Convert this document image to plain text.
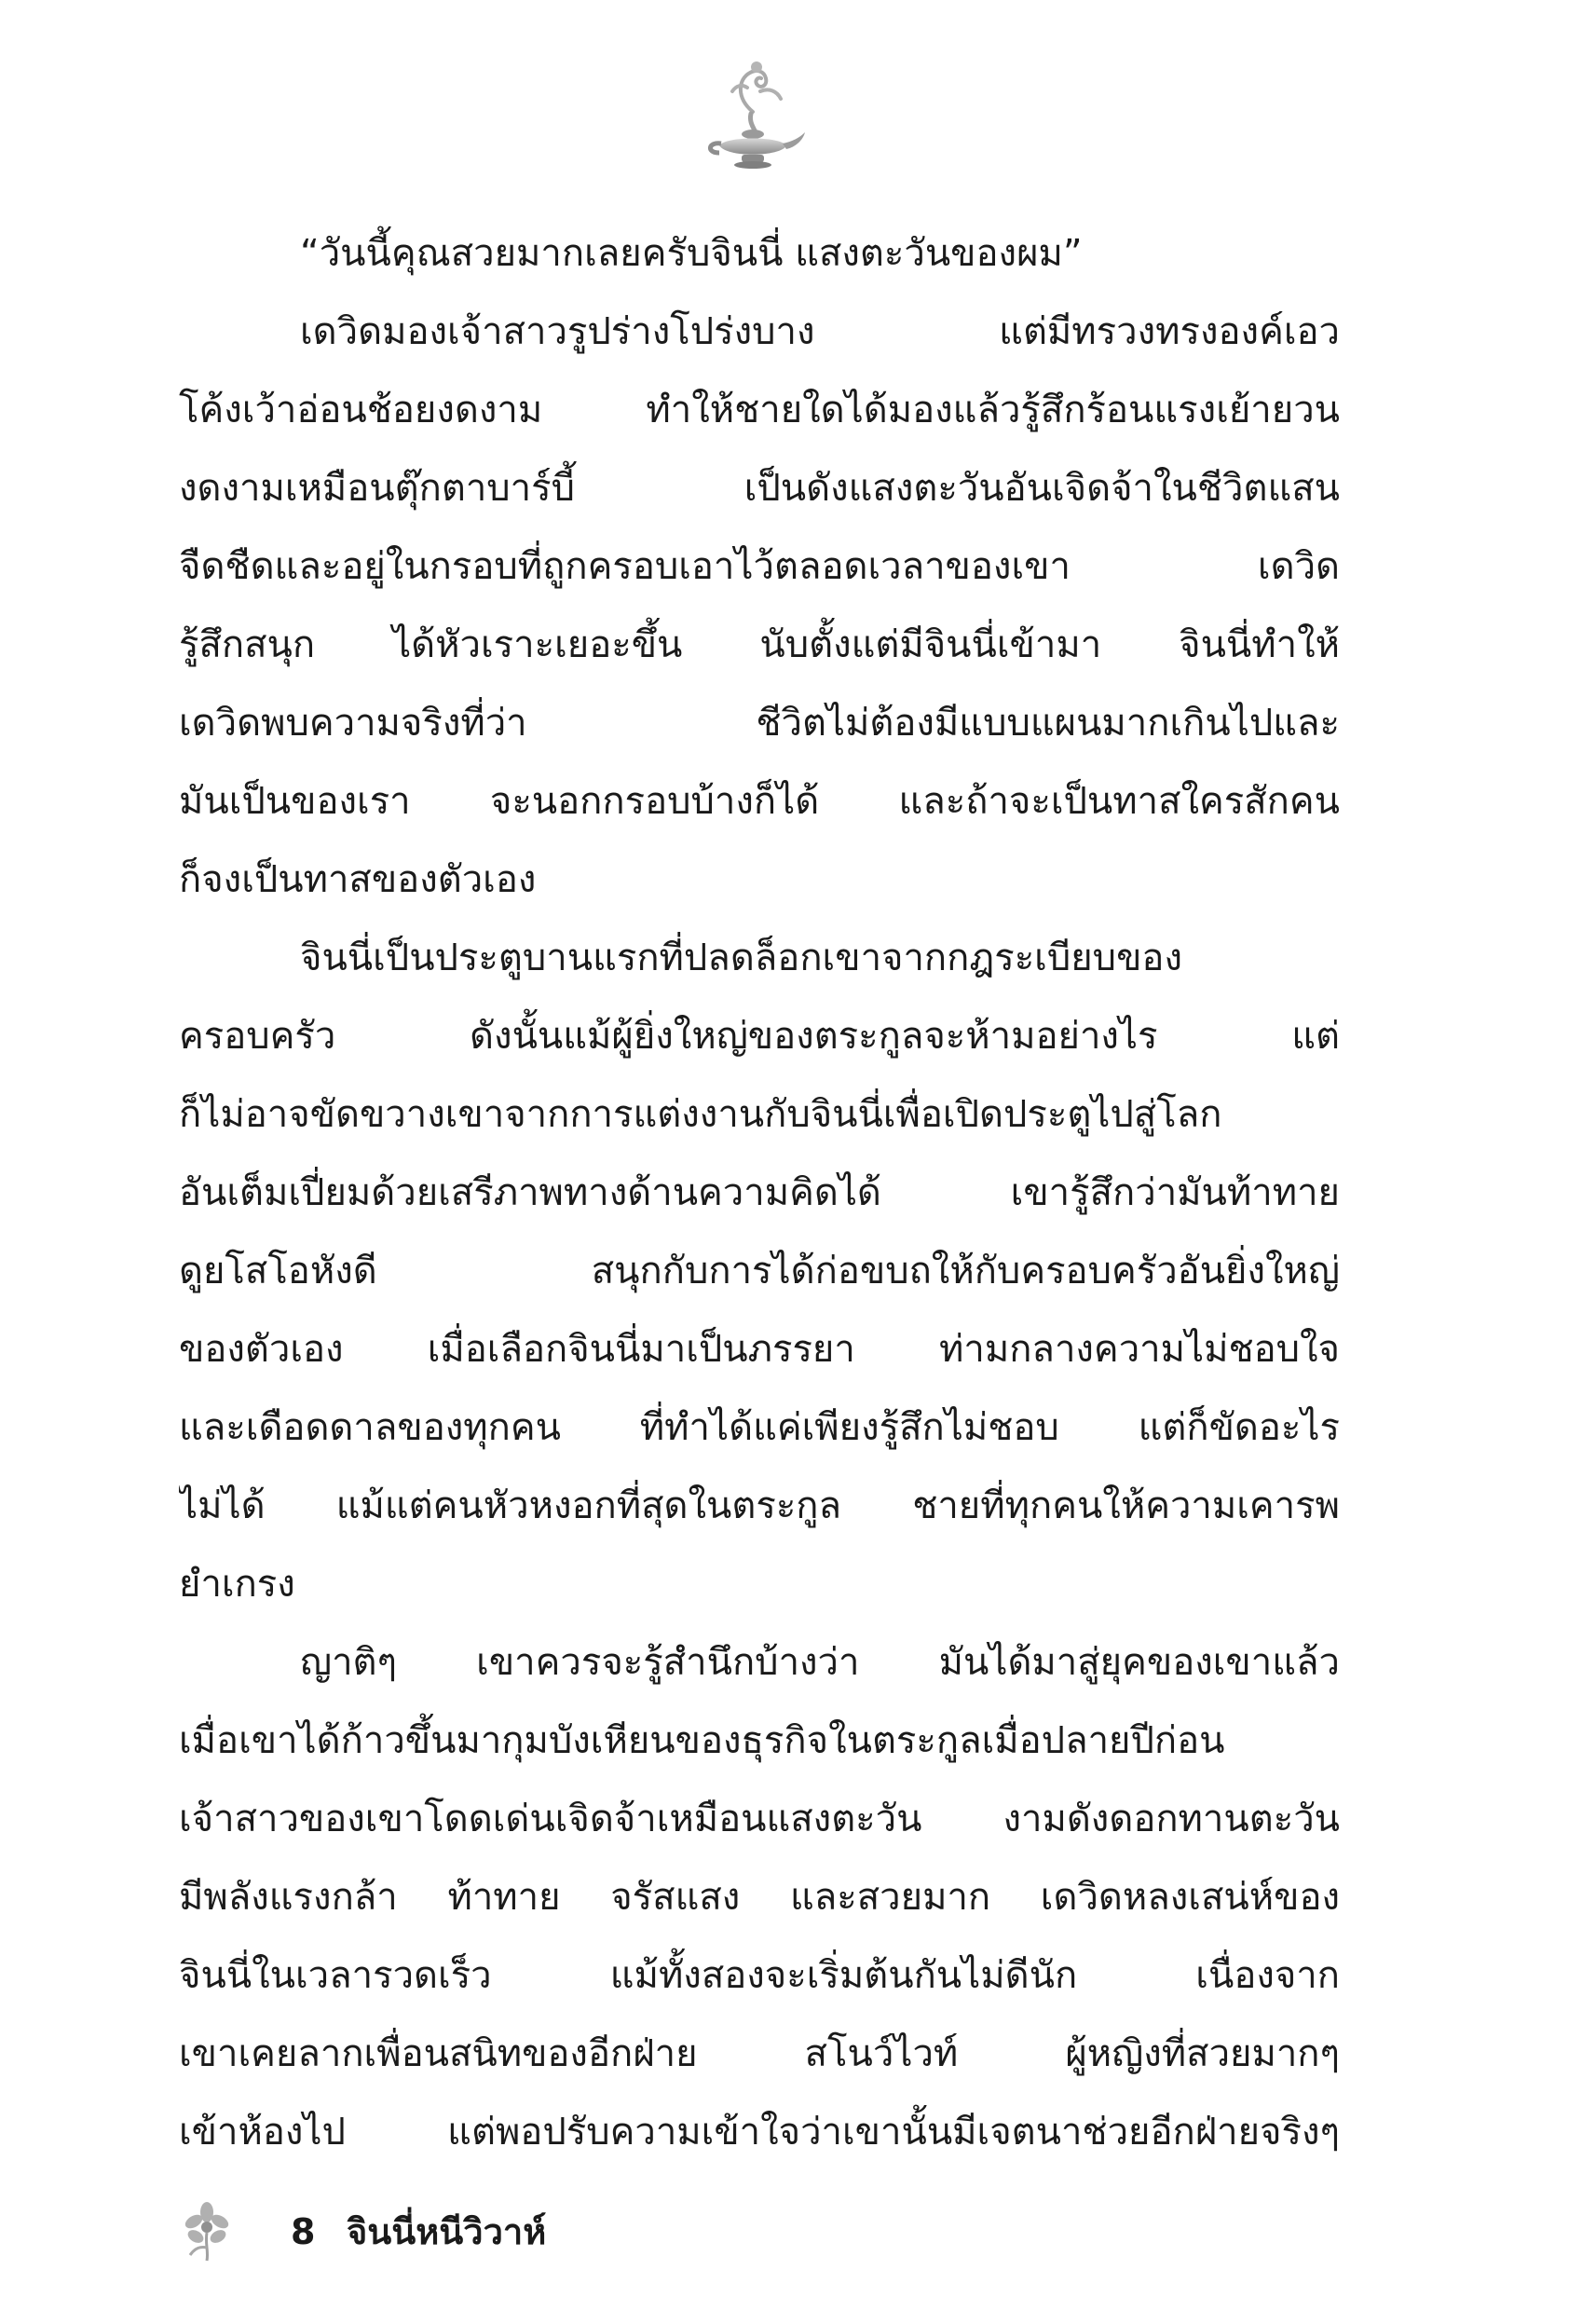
“วันนี้คุณสวยมากเลยครับจินนี่ แสงตะวันของผม”
เดวิดมองเจ้าสาวรูปร่างโปร่งบาง แต่มีทรวงทรงองค์เอว
โค้งเว้าอ่อนช้อยงดงาม ทำให้ชายใดได้มองแล้วรู้สึกร้อนแรงเย้ายวน
งดงามเหมือนตุ๊กตาบาร์บี้ เป็นดังแสงตะวันอันเจิดจ้าในชีวิตแสน
จืดชืดและอยู่ในกรอบที่ถูกครอบเอาไว้ตลอดเวลาของเขา เดวิด
รู้สึกสนุก ได้หัวเราะเยอะขึ้น นับตั้งแต่มีจินนี่เข้ามา จินนี่ทำให้
เดวิดพบความจริงที่ว่า ชีวิตไม่ต้องมีแบบแผนมากเกินไปและ
มันเป็นของเรา จะนอกกรอบบ้างก็ได้ และถ้าจะเป็นทาสใครสักคน
ก็จงเป็นทาสของตัวเอง
จินนี่เป็นประตูบานแรกที่ปลดล็อกเขาจากกฎระเบียบของ
ครอบครัว ดังนั้นแม้ผู้ยิ่งใหญ่ของตระกูลจะห้ามอย่างไร แต่
ก็ไม่อาจขัดขวางเขาจากการแต่งงานกับจินนี่เพื่อเปิดประตูไปสู่โลก
อันเต็มเปี่ยมด้วยเสรีภาพทางด้านความคิดได้ เขารู้สึกว่ามันท้าทาย
ดูยโสโอหังดี สนุกกับการได้ก่อขบถให้กับครอบครัวอันยิ่งใหญ่
ของตัวเอง เมื่อเลือกจินนี่มาเป็นภรรยา ท่ามกลางความไม่ชอบใจ
และเดือดดาลของทุกคน ที่ทำได้แค่เพียงรู้สึกไม่ชอบ แต่ก็ขัดอะไร
ไม่ได้ แม้แต่คนหัวหงอกที่สุดในตระกูล ชายที่ทุกคนให้ความเคารพ
ยำเกรง
ญาติๆ เขาควรจะรู้สำนึกบ้างว่า มันได้มาสู่ยุคของเขาแล้ว
เมื่อเขาได้ก้าวขึ้นมากุมบังเหียนของธุรกิจในตระกูลเมื่อปลายปีก่อน
เจ้าสาวของเขาโดดเด่นเจิดจ้าเหมือนแสงตะวัน งามดังดอกทานตะวัน
มีพลังแรงกล้า ท้าทาย จรัสแสง และสวยมาก เดวิดหลงเสน่ห์ของ
จินนี่ในเวลารวดเร็ว แม้ทั้งสองจะเริ่มต้นกันไม่ดีนัก เนื่องจาก
เขาเคยลากเพื่อนสนิทของอีกฝ่าย สโนว์ไวท์ ผู้หญิงที่สวยมากๆ
เข้าห้องไป แต่พอปรับความเข้าใจว่าเขานั้นมีเจตนาช่วยอีกฝ่ายจริงๆ
8 จินนี่หนีวิวาห์
